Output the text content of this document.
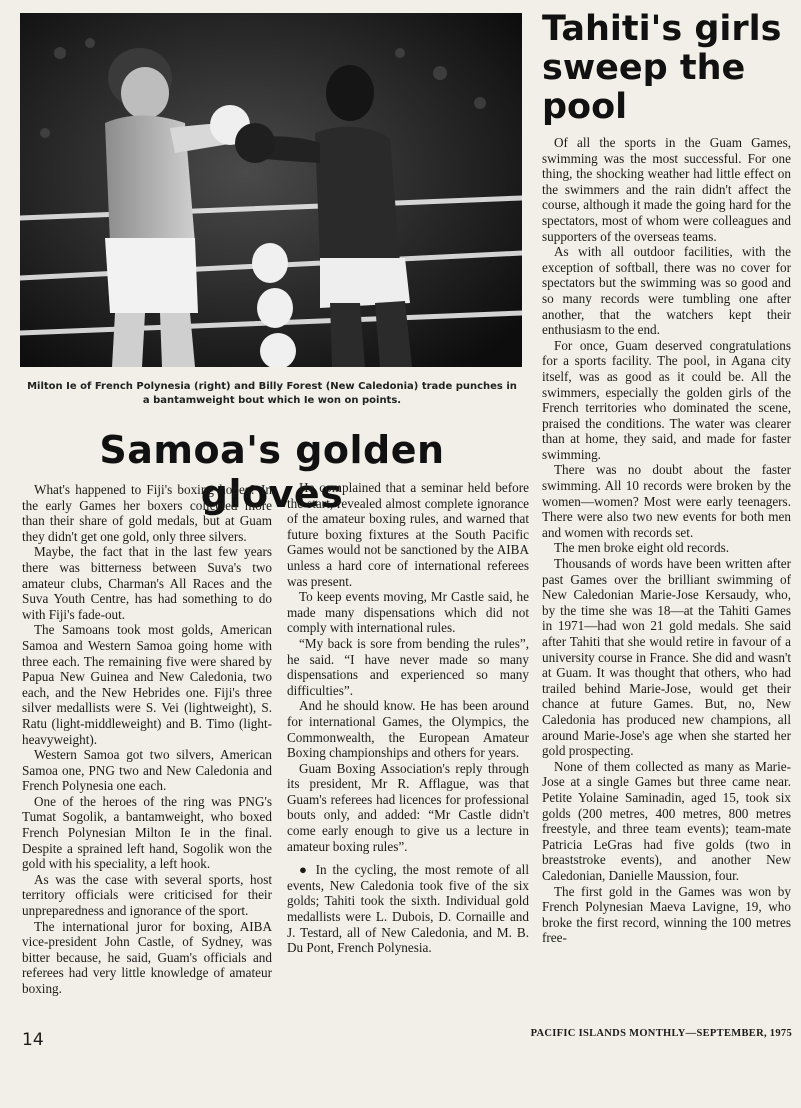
Milton Ie of French Polynesia (right) and Billy Forest (New Caledonia) trade punches in a bantamweight bout which Ie won on points.
Samoa's golden gloves

What's happened to Fiji's boxing hopes? In the early Games her boxers collected more than their share of gold medals, but at Guam they didn't get one gold, only three silvers.

Maybe, the fact that in the last few years there was bitterness between Suva's two amateur clubs, Charman's All Races and the Suva Youth Centre, has had something to do with Fiji's fade-out.

The Samoans took most golds, American Samoa and Western Samoa going home with three each. The remaining five were shared by Papua New Guinea and New Caledonia, two each, and the New Hebrides one. Fiji's three silver medallists were S. Vei (lightweight), S. Ratu (light-middleweight) and B. Timo (light-heavyweight).

Western Samoa got two silvers, American Samoa one, PNG two and New Caledonia and French Polynesia one each.

One of the heroes of the ring was PNG's Tumat Sogolik, a bantamweight, who boxed French Polynesian Milton Ie in the final. Despite a sprained left hand, Sogolik won the gold with his speciality, a left hook.

As was the case with several sports, host territory officials were criticised for their unpreparedness and ignorance of the sport.

The international juror for boxing, AIBA vice-president John Castle, of Sydney, was bitter because, he said, Guam's officials and referees had very little knowledge of amateur boxing.

He complained that a seminar held before the start, revealed almost complete ignorance of the amateur boxing rules, and warned that future boxing fixtures at the South Pacific Games would not be sanctioned by the AIBA unless a hard core of international referees was present.

To keep events moving, Mr Castle said, he made many dispensations which did not comply with international rules.

“My back is sore from bending the rules”, he said. “I have never made so many dispensations and experienced so many difficulties”.

And he should know. He has been around for international Games, the Olympics, the Commonwealth, the European Amateur Boxing championships and others for years.

Guam Boxing Association's reply through its president, Mr R. Afflague, was that Guam's referees had licences for professional bouts only, and added: “Mr Castle didn't come early enough to give us a lecture in amateur boxing rules”.

● In the cycling, the most remote of all events, New Caledonia took five of the six golds; Tahiti took the sixth. Individual gold medallists were L. Dubois, D. Cornaille and J. Testard, all of New Caledonia, and M. B. Du Pont, French Polynesia.

Tahiti's girls sweep the pool

Of all the sports in the Guam Games, swimming was the most successful. For one thing, the shocking weather had little effect on the swimmers and the rain didn't affect the course, although it made the going hard for the spectators, most of whom were colleagues and supporters of the overseas teams.

As with all outdoor facilities, with the exception of softball, there was no cover for spectators but the swimming was so good and so many records were tumbling one after another, that the watchers kept their enthusiasm to the end.

For once, Guam deserved congratulations for a sports facility. The pool, in Agana city itself, was as good as it could be. All the swimmers, especially the golden girls of the French territories who dominated the scene, praised the conditions. The water was clearer than at home, they said, and made for faster swimming.

There was no doubt about the faster swimming. All 10 records were broken by the women—women? Most were early teenagers. There were also two new events for both men and women with records set.

The men broke eight old records.

Thousands of words have been written after past Games over the brilliant swimming of New Caledonian Marie-Jose Kersaudy, who, by the time she was 18—at the Tahiti Games in 1971—had won 21 gold medals. She said after Tahiti that she would retire in favour of a university course in France. She did and wasn't at Guam. It was thought that others, who had trailed behind Marie-Jose, would get their chance at future Games. But, no, New Caledonia has produced new champions, all around Marie-Jose's age when she started her gold prospecting.

None of them collected as many as Marie-Jose at a single Games but three came near. Petite Yolaine Saminadin, aged 15, took six golds (200 metres, 400 metres, 800 metres freestyle, and three team events); team-mate Patricia LeGras had five golds (two in breaststroke events), and another New Caledonian, Danielle Maussion, four.

The first gold in the Games was won by French Polynesian Maeva Lavigne, 19, who broke the first record, winning the 100 metres free-

14	PACIFIC ISLANDS MONTHLY—SEPTEMBER, 1975
